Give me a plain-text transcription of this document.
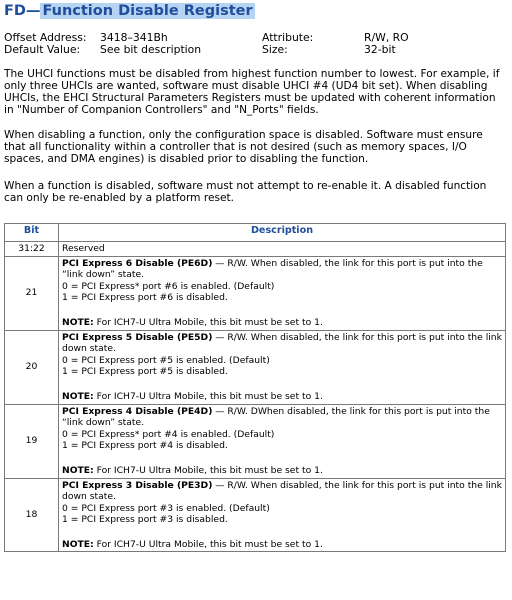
FD— Function Disable Register
Offset Address: 3418–341Bh
Default Value: See bit description
Attribute:	R/W, RO
Size:	32-bit

The UHCI functions must be disabled from highest function number to lowest. For example, if only three UHCIs are wanted, software must disable UHCI #4 (UD4 bit set). When disabling UHCIs, the EHCI Structural Parameters Registers must be updated with coherent information in "Number of Companion Controllers" and "N_Ports" fields.

When disabling a function, only the configuration space is disabled. Software must ensure that all functionality within a controller that is not desired (such as memory spaces, I/O spaces, and DMA engines) is disabled prior to disabling the function.

When a function is disabled, software must not attempt to re-enable it. A disabled function can only be re-enabled by a platform reset.

Bit	Description
31:22	Reserved
21	PCI Express 6 Disable (PE6D) — R/W. When disabled, the link for this port is put into the “link down” state.
0 = PCI Express* port #6 is enabled. (Default)
1 = PCI Express port #6 is disabled.
NOTE: For ICH7-U Ultra Mobile, this bit must be set to 1.

20	PCI Express 5 Disable (PE5D) — R/W. When disabled, the link for this port is put into the link down state.
0 = PCI Express port #5 is enabled. (Default)
1 = PCI Express port #5 is disabled.
NOTE: For ICH7-U Ultra Mobile, this bit must be set to 1.

19	PCI Express 4 Disable (PE4D) — R/W. DWhen disabled, the link for this port is put into the “link down” state.
0 = PCI Express* port #4 is enabled. (Default)
1 = PCI Express port #4 is disabled.
NOTE: For ICH7-U Ultra Mobile, this bit must be set to 1.

18	PCI Express 3 Disable (PE3D) — R/W. When disabled, the link for this port is put into the link down state.
0 = PCI Express port #3 is enabled. (Default)
1 = PCI Express port #3 is disabled.
NOTE: For ICH7-U Ultra Mobile, this bit must be set to 1.
